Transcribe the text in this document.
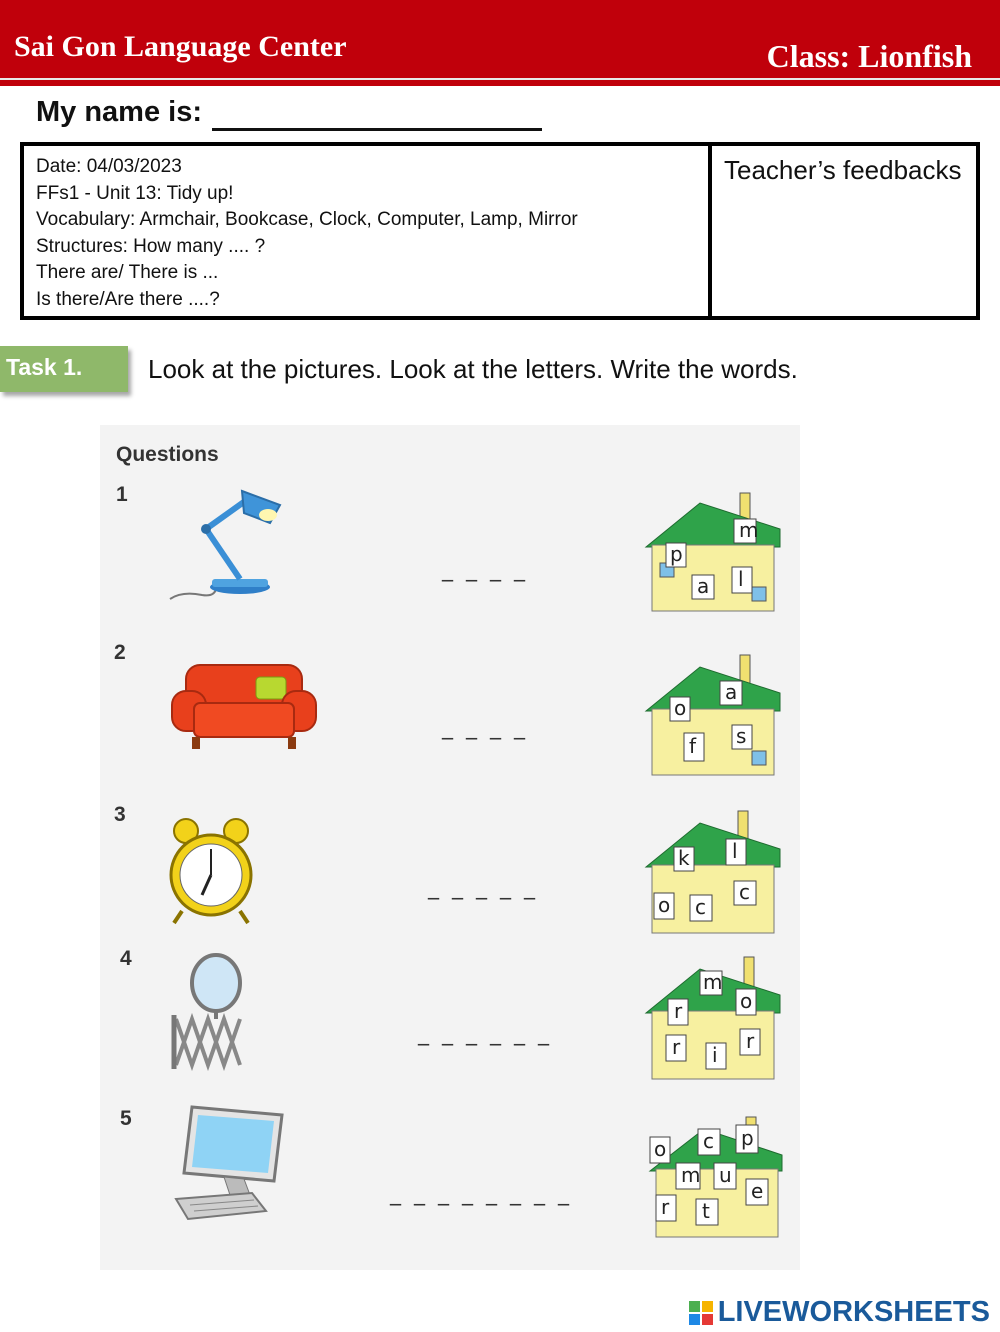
Sai Gon Language Center	Class: Lionfish
My name is:
Date: 04/03/2023
FFs1 - Unit 13: Tidy up!
Vocabulary: Armchair, Bookcase, Clock, Computer, Lamp, Mirror
Structures: How many .... ?
There are/ There is ...
Is there/Are there ....?
Teacher’s feedbacks
Task 1.	Look at the pictures. Look at the letters. Write the words.
Questions
1
_ _ _ _
m
p
a l
2
_ _ _ _
a
o
f s
3
_ _ _ _ _
l
k
c
o c
4
_ _ _ _ _ _
m
r	o
r
i
r
5
_ _ _ _ _ _ _ _
o c p
m u
e
r t
LIVEWORKSHEETS
